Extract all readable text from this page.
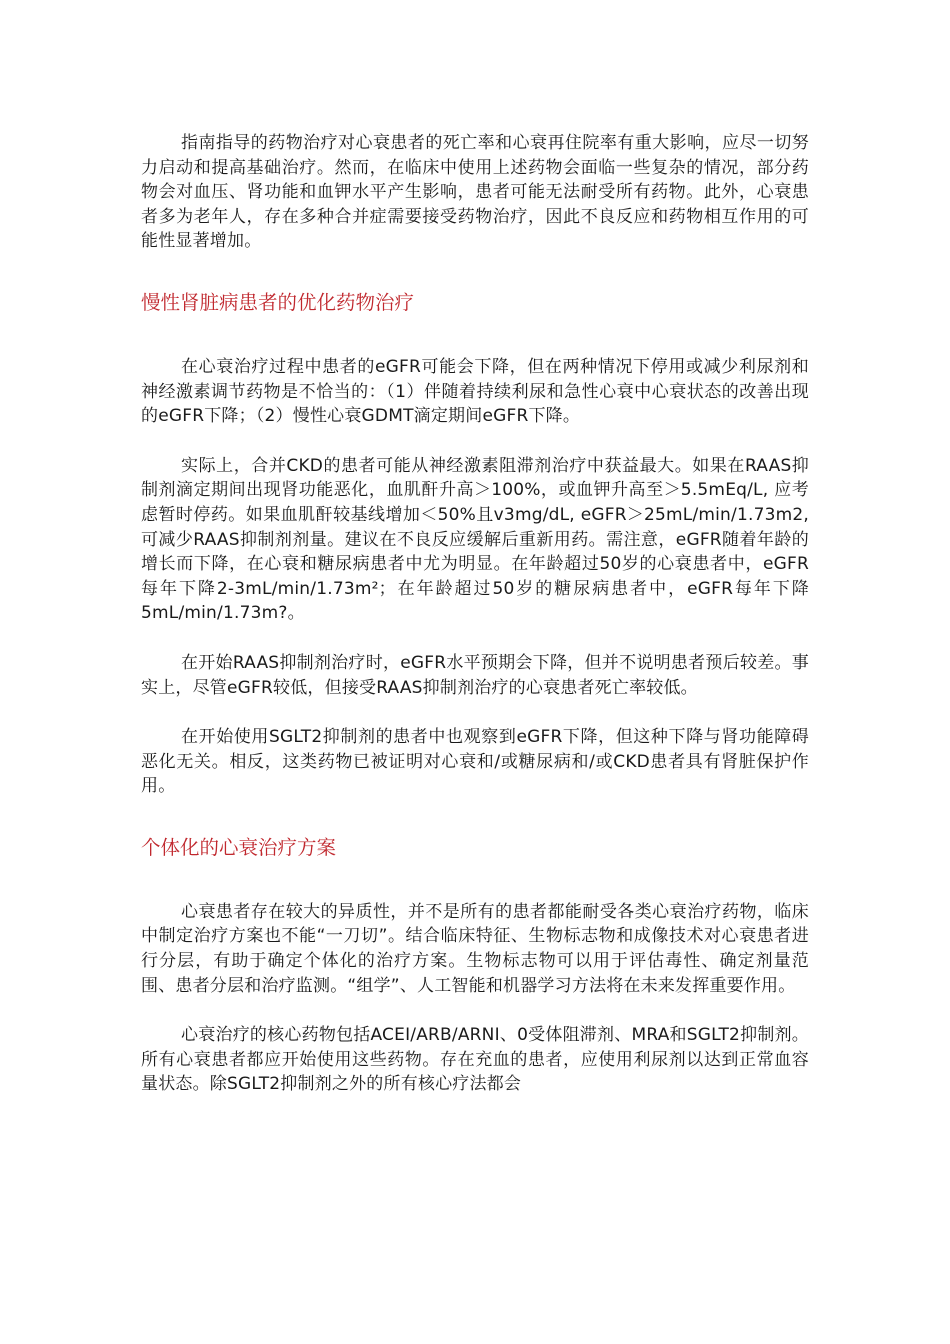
指南指导的药物治疗对心衰患者的死亡率和心衰再住院率有重大影响，应尽一切努力启动和提高基础治疗。然而，在临床中使用上述药物会面临一些复杂的情况，部分药物会对血压、肾功能和血钾水平产生影响，患者可能无法耐受所有药物。此外，心衰患者多为老年人，存在多种合并症需要接受药物治疗，因此不良反应和药物相互作用的可能性显著增加。

慢性肾脏病患者的优化药物治疗

在心衰治疗过程中患者的eGFR可能会下降，但在两种情况下停用或减少利尿剂和神经激素调节药物是不恰当的：（1）伴随着持续利尿和急性心衰中心衰状态的改善出现的eGFR下降；（2）慢性心衰GDMT滴定期间eGFR下降。

实际上，合并CKD的患者可能从神经激素阻滞剂治疗中获益最大。如果在RAAS抑制剂滴定期间出现肾功能恶化，血肌酐升高＞100%，或血钾升高至＞5.5mEq/L, 应考虑暂时停药。如果血肌酐较基线增加＜50%且v3mg/dL, eGFR＞25mL/min/1.73m2, 可减少RAAS抑制剂剂量。建议在不良反应缓解后重新用药。需注意，eGFR随着年龄的增长而下降，在心衰和糖尿病患者中尤为明显。在年龄超过50岁的心衰患者中，eGFR每年下降2-3mL/min/1.73m²；在年龄超过50岁的糖尿病患者中，eGFR每年下降5mL/min/1.73m?。

在开始RAAS抑制剂治疗时，eGFR水平预期会下降，但并不说明患者预后较差。事实上，尽管eGFR较低，但接受RAAS抑制剂治疗的心衰患者死亡率较低。

在开始使用SGLT2抑制剂的患者中也观察到eGFR下降，但这种下降与肾功能障碍恶化无关。相反，这类药物已被证明对心衰和/或糖尿病和/或CKD患者具有肾脏保护作用。

个体化的心衰治疗方案

心衰患者存在较大的异质性，并不是所有的患者都能耐受各类心衰治疗药物，临床中制定治疗方案也不能“一刀切”。结合临床特征、生物标志物和成像技术对心衰患者进行分层，有助于确定个体化的治疗方案。生物标志物可以用于评估毒性、确定剂量范围、患者分层和治疗监测。“组学”、人工智能和机器学习方法将在未来发挥重要作用。

心衰治疗的核心药物包括ACEI/ARB/ARNI、0受体阻滞剂、MRA和SGLT2抑制剂。所有心衰患者都应开始使用这些药物。存在充血的患者，应使用利尿剂以达到正常血容量状态。除SGLT2抑制剂之外的所有核心疗法都会
